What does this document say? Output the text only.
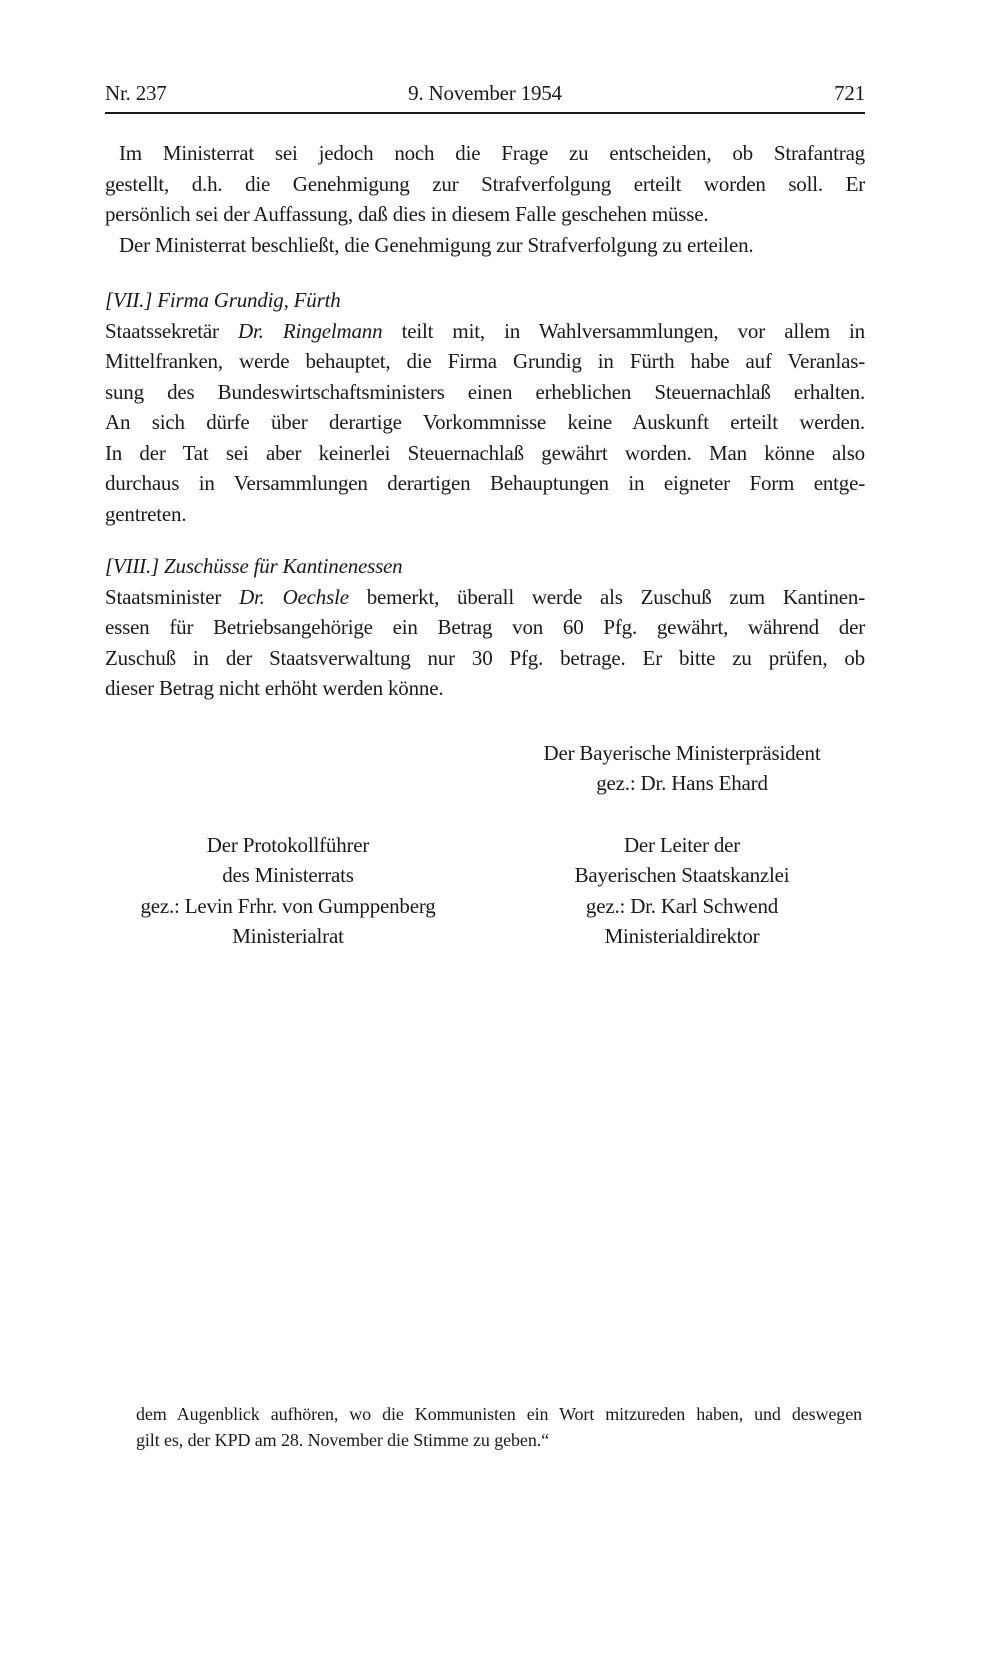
Nr. 237	9. November 1954	721
Im Ministerrat sei jedoch noch die Frage zu entscheiden, ob Strafantrag
gestellt, d.h. die Genehmigung zur Strafverfolgung erteilt worden soll. Er
persönlich sei der Auffassung, daß dies in diesem Falle geschehen müsse.
Der Ministerrat beschließt, die Genehmigung zur Strafverfolgung zu erteilen.
[VII.] Firma Grundig, Fürth
Staatssekretär Dr. Ringelmann teilt mit, in Wahlversammlungen, vor allem in
Mittelfranken, werde behauptet, die Firma Grundig in Fürth habe auf Veranlas-
sung des Bundeswirtschaftsministers einen erheblichen Steuernachlaß erhalten.
An sich dürfe über derartige Vorkommnisse keine Auskunft erteilt werden.
In der Tat sei aber keinerlei Steuernachlaß gewährt worden. Man könne also
durchaus in Versammlungen derartigen Behauptungen in eigneter Form entge-
gentreten.
[VIII.] Zuschüsse für Kantinenessen
Staatsminister Dr. Oechsle bemerkt, überall werde als Zuschuß zum Kantinen-
essen für Betriebsangehörige ein Betrag von 60 Pfg. gewährt, während der
Zuschuß in der Staatsverwaltung nur 30 Pfg. betrage. Er bitte zu prüfen, ob
dieser Betrag nicht erhöht werden könne.
Der Bayerische Ministerpräsident
gez.: Dr. Hans Ehard
Der Protokollführer
des Ministerrats
gez.: Levin Frhr. von Gumppenberg
Ministerialrat
Der Leiter der
Bayerischen Staatskanzlei
gez.: Dr. Karl Schwend
Ministerialdirektor
dem Augenblick aufhören, wo die Kommunisten ein Wort mitzureden haben, und deswegen
gilt es, der KPD am 28. November die Stimme zu geben.“
